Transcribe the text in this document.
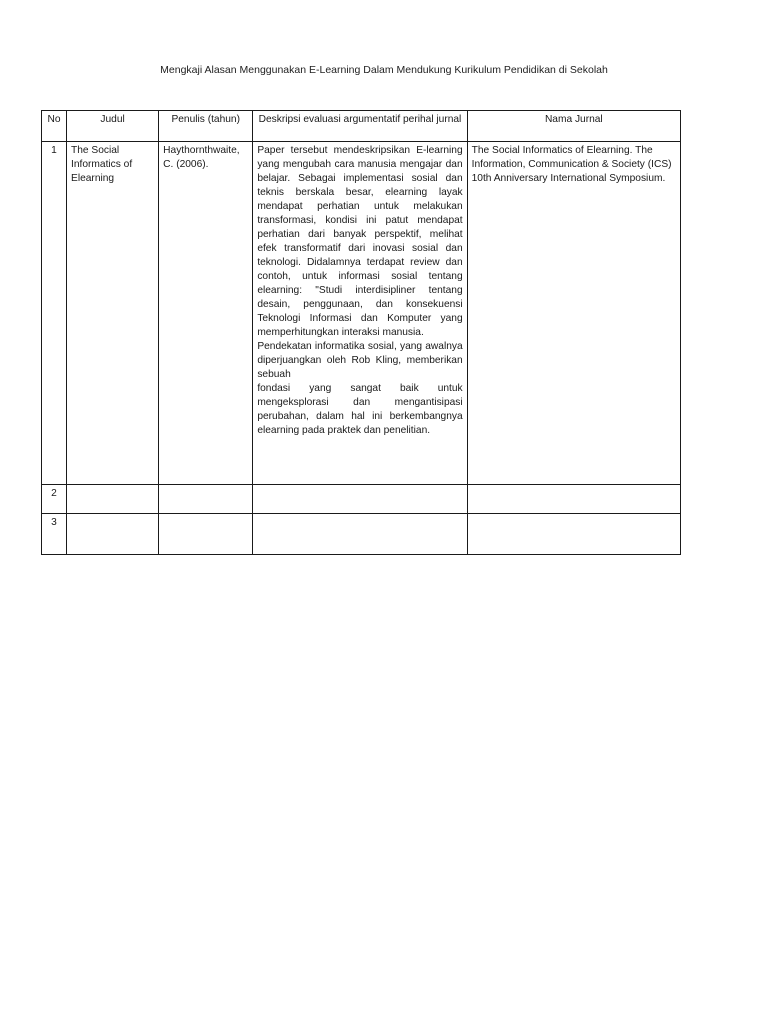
Mengkaji Alasan Menggunakan E-Learning Dalam Mendukung Kurikulum Pendidikan di Sekolah
No	Judul	Penulis (tahun)	Deskripsi evaluasi argumentatif perihal jurnal	Nama Jurnal
1	The Social Informatics of Elearning	Haythornthwaite, C. (2006).	Paper tersebut mendeskripsikan E-learning yang mengubah cara manusia mengajar dan belajar. Sebagai implementasi sosial dan teknis berskala besar, elearning layak mendapat perhatian untuk melakukan transformasi, kondisi ini patut mendapat perhatian dari banyak perspektif, melihat efek transformatif dari inovasi sosial dan teknologi. Didalamnya terdapat review dan contoh, untuk informasi sosial tentang elearning: "Studi interdisipliner tentang desain, penggunaan, dan konsekuensi Teknologi Informasi dan Komputer yang memperhitungkan interaksi manusia.

Pendekatan informatika sosial, yang awalnya diperjuangkan oleh Rob Kling, memberikan sebuah

fondasi yang sangat baik untuk mengeksplorasi dan mengantisipasi perubahan, dalam hal ini berkembangnya elearning pada praktek dan penelitian.	The Social Informatics of Elearning. The Information, Communication & Society (ICS) 10th Anniversary International Symposium.
2				
3				
